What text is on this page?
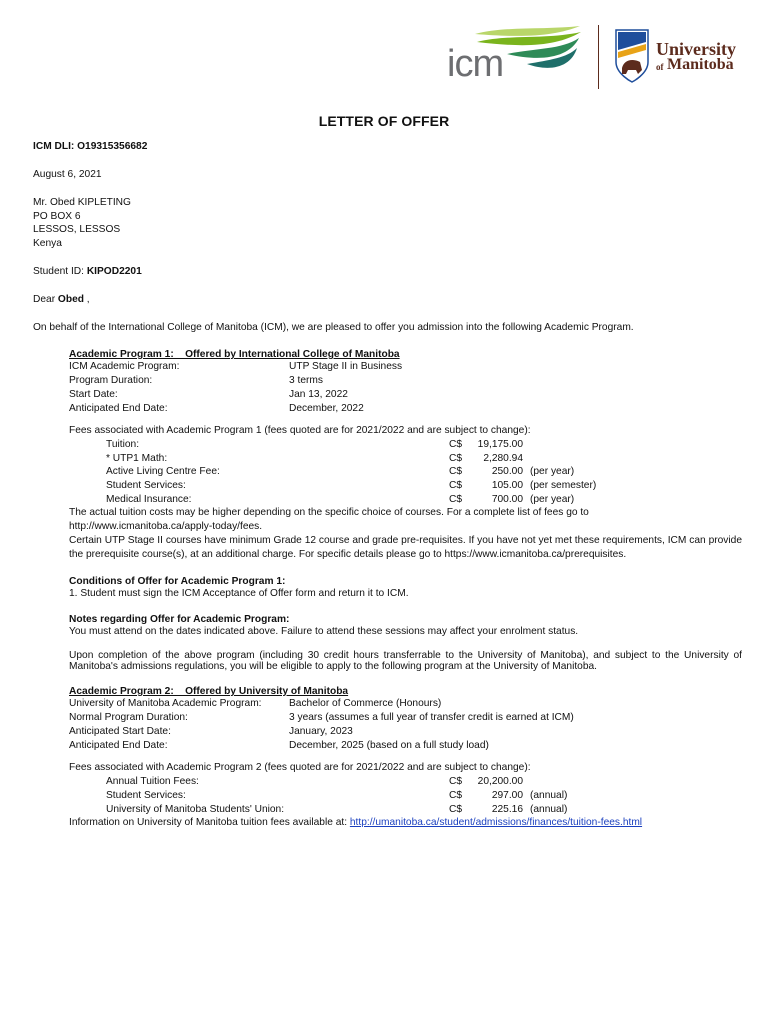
icm	University
of Manitoba
LETTER OF OFFER
ICM DLI: O19315356682
August 6, 2021
Mr. Obed KIPLETING
PO BOX 6
LESSOS, LESSOS
Kenya
Student ID: KIPOD2201
Dear Obed ,
On behalf of the International College of Manitoba (ICM), we are pleased to offer you admission into the following Academic Program.
Academic Program 1:    Offered by International College of Manitoba
ICM Academic Program:	UTP Stage II in Business
Program Duration:	3 terms
Start Date:	Jan 13, 2022
Anticipated End Date:	December, 2022
Fees associated with Academic Program 1 (fees quoted are for 2021/2022 and are subject to change):
Tuition:	C$	19,175.00
* UTP1 Math:	C$	2,280.94
Active Living Centre Fee:	C$	250.00 (per year)
Student Services:	C$	105.00 (per semester)
Medical Insurance:	C$	700.00 (per year)
The actual tuition costs may be higher depending on the specific choice of courses. For a complete list of fees go to
http://www.icmanitoba.ca/apply-today/fees.
Certain UTP Stage II courses have minimum Grade 12 course and grade pre-requisites. If you have not yet met these requirements, ICM can provide the prerequisite course(s), at an additional charge. For specific details please go to https://www.icmanitoba.ca/prerequisites.
Conditions of Offer for Academic Program 1:
1. Student must sign the ICM Acceptance of Offer form and return it to ICM.
Notes regarding Offer for Academic Program:
You must attend on the dates indicated above. Failure to attend these sessions may affect your enrolment status.
Upon completion of the above program (including 30 credit hours transferrable to the University of Manitoba), and subject to the University of Manitoba's admissions regulations, you will be eligible to apply to the following program at the University of Manitoba.
Academic Program 2:    Offered by University of Manitoba
University of Manitoba Academic Program:	Bachelor of Commerce (Honours)
Normal Program Duration:	3 years (assumes a full year of transfer credit is earned at ICM)
Anticipated Start Date:	January, 2023
Anticipated End Date:	December, 2025 (based on a full study load)
Fees associated with Academic Program 2 (fees quoted are for 2021/2022 and are subject to change):
Annual Tuition Fees:	C$	20,200.00
Student Services:	C$	297.00 (annual)
University of Manitoba Students' Union:	C$	225.16 (annual)
Information on University of Manitoba tuition fees available at: http://umanitoba.ca/student/admissions/finances/tuition-fees.html
